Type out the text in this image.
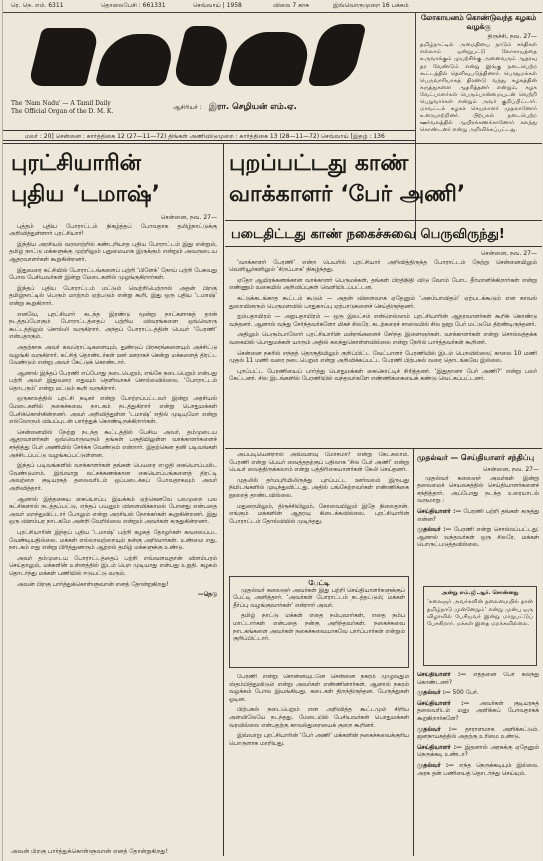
ரெ. நெ. எம். 6311	தொலைபேசி : 661331	செவ்வாய் | 1958	விலை 7 காசு	இவ்வொருமுறை 16 பக்கம்
The 'Nam Nadu' — A Tamil Daily
The Official Organ of the D. M. K.	ஆசிரியர் : இரா. செழியன் எம்.ஏ.
லோகாயனம் கொண்டுவந்த கழகம் வழக்கு
திருச்சி, நவ. 27—
தமிழ்நாட்டில் அமைதியை நாடும் சக்திகள் எல்லாம் ஒன்றுபட்டு லோகாயத்தை உருவாக்கும் முயற்சிக்கு அனைவரும் ஆதரவு தர வேண்டும் என்று இங்கு நடைபெற்ற கூட்டத்தில் தெளிவுபடுத்தினார். பொதுமக்கள் பெருவாரியாகத் திரண்டு வந்து கழகத்தின் கருத்துகளை ஆதரித்தனர் என்றும், கழக வேட்பாளர்கள் பெரும்பான்மையுடன் வெற்றி பெறுவார்கள் என்றும் அவர் குறிப்பிட்டார். மாவட்டக் கழகச் செயலாளர் முதலானோர் உரையாற்றினர். பிற்பகல் நடைபெற்ற ஊர்வலத்தில் ஆயிரக்கணக்கானோர் கலந்து கொண்டனர் என்று அறிவிக்கப்பட்டது.
மலர் : 20] சென்னை : கார்த்திகை 12 (27—11—72) திங்கள் அணிவிடுமுறை : கார்த்திகை 13 (28—11—72) செவ்வாய் [இதழ் : 136
புரட்சியாரின்
புதிய ‘டமாஷ்’
புறப்பட்டது காண்
வாக்காளர் ‘பேர் அணி’
படைதிட்டது காண் நகைச்சுவை பெருவிருந்து!
சென்னை, நவ. 27—

புத்தம் புதிய போராட்டம் நிகழ்த்தப் போவதாக தமிழ்நாட்டுக்கு அறிவித்துள்ளார் புரட்சியார்!

இந்திய அரசியல் வரலாற்றில் கண்டறியாத புதிய போராட்டம் இது என்றும், தமிழ் நாட்டு மக்களுக்கு முற்றிலும் புதுமையாக இருக்கும் என்றும் அவருடைய ஆதரவாளர்கள் கூறுகின்றனர்.

இதுவரை கட்சியில் போராட்டங்களைப் பற்றி ‘பிளேக்’ நோய் பற்றி பேசுவது போல பேசியவர்கள் இன்று மேடைகளில் முழங்குகிறார்கள்.

இந்தப் புதிய போராட்டம் மட்டும் வெற்றிபெற்றால் அதன் பிறகு தமிழ்நாட்டில் பெரும் மாற்றம் ஏற்படும் என்று கூறி, இது ஒரு புதிய ‘டமாஷ்’ என்று கூறுகிறார்.

எனவே, புரட்சியார் கடந்த இரண்டு மூன்று நாட்களாகத் தான் நடத்தப்போகும் போராட்டத்தைப் பற்றிய விவரங்களை ஒவ்வொரு கூட்டத்திலும் சொல்லி வருகிறார். அந்தப் போராட்டத்தின் பெயர் ‘பேரணி’ என்பதாகும்.

அதற்காக அவர் சுவரொட்டிகளையும், துண்டுப் பிரசுரங்களையும் அச்சிட்டு வழங்கி வருகிறார். கட்சித் தொண்டர்கள் ஊர் ஊராகச் சென்று மக்களைத் திரட்ட வேண்டும் என்று அவர் கேட்டுக் கொண்டார்.

ஆனால் இந்தப் பேரணி எப்போது நடைபெறும், எங்கே நடைபெறும் என்பது பற்றி அவர் இதுவரை எதுவும் தெளிவாகச் சொல்லவில்லை. ‘போராட்டம் தொடரும்’ என்று மட்டும் கூறி வருகிறார்.

ஒருகாலத்தில் புரட்சி நடிகர் என்று போற்றப்பட்டவர் இன்று அரசியல் மேடைகளில் நகைச்சுவை நாடகம் நடத்துகிறார் என்று பொதுமக்கள் பேசிக்கொள்கின்றனர். அவர் அறிவித்துள்ள ‘டமாஷ்’ எதில் முடியுமோ என்று எல்லோரும் வியப்புடன் பார்த்துக் கொண்டிருக்கிறார்கள்.

சென்னையில் நேற்று நடந்த கூட்டத்தில் பேசிய அவர், தம்முடைய ஆதரவாளர்கள் ஒவ்வொருவரும் தங்கள் பகுதியிலுள்ள வாக்காளர்களைச் சந்தித்து பேர் அணியில் சேர்க்க வேண்டும் என்றார். இதற்கென தனி படிவங்கள் அச்சிடப்பட்டு வழங்கப்பட்டுள்ளன.

இந்தப் படிவங்களில் வாக்காளர்கள் தங்கள் பெயரை எழுதி கையொப்பமிட வேண்டுமாம். இவ்வாறு லட்சக்கணக்கான கையொப்பங்களைத் திரட்டி அவற்றை குடியரசுத் தலைவரிடம் ஒப்படைக்கப் போவதாகவும் அவர் அறிவித்தார்.

ஆனால் இத்தகைய கையொப்ப இயக்கம் ஏற்கெனவே பலமுறை பல கட்சிகளால் நடத்தப்பட்டு, எந்தப் பயனும் விளைவிக்காமல் போனது என்பதை அவர் மறந்துவிட்டார் போலும் என்று அரசியல் நோக்கர்கள் கூறுகின்றனர். இது ஒரு விளம்பர நாடகமே அன்றி வேறில்லை என்றும் அவர்கள் கருதுகின்றனர்.

புரட்சியாரின் இந்தப் புதிய ‘டமாஷ்’ பற்றி கழகத் தோழர்கள் கவலைப்பட வேண்டியதில்லை. மக்கள் எல்லாவற்றையும் நன்கு அறிவார்கள். உண்மை எது, நாடகம் எது என்று பிரித்துணரும் ஆற்றல் தமிழ் மக்களுக்கு உண்டு.

அவர் தம்முடைய போராட்டத்தைப் பற்றி எவ்வளவுதான் விளம்பரம் செய்தாலும், மக்களின் உள்ளத்தில் இடம் பெற முடியாது என்பது உறுதி. கழகம் தொடர்ந்து மக்கள் பணியில் ஈடுபட்டு வரும்.

அவன் பிறகு பார்த்துக்கொள்ளுவான் எனத் தோன்றுகிறது!

—நெடு
சென்னை, நவ. 27—

‘வாக்காளர் பேரணி’ என்ற பெயரில் புரட்சியார் அறிவித்திருந்த போராட்டம் நேற்று சென்னையிலும் வெளியூர்களிலும் ‘சிறப்பாக’ நிகழ்ந்தது.

ஏதோ ஆயிரக்கணக்கான வாக்காளர் பெருமக்கள், தங்கள் பிரதிநிதி விடு வோம் போட தீர்மானிக்கிறார்கள் என்று எண்ணும் வகையில் அறிவிப்புகள் வெளியிடப்பட்டன.

கட்டுக்கடங்காத கூட்டம் கூடும் — அதன் விளைவாக ஏதேனும் ‘அசம்பாவிதம்’ ஏற்படக்கூடும் என காவல் துறையினரும் பெருமளவில் பாதுகாப்பு ஏற்பாடுகளைச் செய்திருந்தனர்.

ஐம்பதாயிரம் — அறுபதாயிரம் — ஒரு இலட்சம் என்றெல்லாம் புரட்சியாரின் ஆதரவாளர்கள் கூறிக் கொண்டு வந்தனர். ஆனால் வந்து சேர்ந்தவர்களோ மிகச் சிலரே. கடற்கரைச் சாலையில் சில நூறு பேர் மட்டுமே திரண்டிருந்தனர்.

அதிலும் பெரும்பாலோர் புரட்சியாரின் மன்றங்களைச் சேர்ந்த இளைஞர்கள். வாக்காளர்கள் என்று சொல்லத்தக்க வகையில் பொதுமக்கள் யாரும் அதில் கலந்துகொள்ளவில்லை என்று நேரில் பார்த்தவர்கள் கூறினர்.

சென்னை நகரில் எந்தத் தொகுதியிலும் குறிப்பிட்ட வேட்பாளர் பேரணியில் இடம் பெறவில்லை; காலை 10 மணி முதல் 11 மணி வரை நடைபெறும் என்று அறிவிக்கப்பட்ட பேரணி பிற்பகல் வரை தொடங்கவே இல்லை.

புறப்பட்ட பேரணியைப் பார்த்து பொதுமக்கள் கைகொட்டிச் சிரித்தனர். ‘இதுதானா பேர் அணி?’ என்று பலர் கேட்டனர். சில இடங்களில் பேரணியில் வந்தவர்களே எண்ணிக்கையைக் கண்டு வெட்கப்பட்டனர்.

அப்படியென்றால் அவ்வளவு மோசமா? என்று கேட்கலாம். பேரணி என்று பெயர் வைத்ததற்குப் பதிலாக ‘சில பேர் அணி’ என்று பெயர் வைத்திருக்கலாம் என்று பத்திரிகையாளர்கள் கேலி செய்தனர்.

முதலில் தர்மபுரியிலிருந்து புறப்பட்ட ஊர்வலம் இருபது நிமிடங்களில் முடிந்துவிட்டது. அதில் பங்கேற்றவர்கள் எண்ணிக்கை நூறைத் தாண்டவில்லை.

மதுரையிலும், திருச்சியிலும், கோவையிலும் இதே நிலைதான். எங்கும் மக்களின் ஆதரவு கிடைக்கவில்லை. புரட்சியாரின் போராட்டம் தோல்வியில் முடிந்தது.

பேட்டி

முதல்வர் கலைஞர் அவர்கள் இது பற்றி செய்தியாளர்களுக்குப் பேட்டி அளித்தார். ‘அவர்கள் போராட்டம் நடத்தட்டும்; மக்கள் தீர்ப்பு வழங்குவார்கள்’ என்றார் அவர்.

தமிழ் நாட்டு மக்கள் எதை நம்புவார்கள், எதை நம்ப மாட்டார்கள் என்பதை நன்கு அறிந்தவர்கள். நகைச்சுவை நாடகங்களை அவர்கள் நகைச்சுவையாகவே பார்ப்பார்கள் என்றும் குறிப்பிட்டார்.

பேரணி என்று சொன்னவுடனே சென்னை நகரம் முழுவதும் ஸ்தம்பித்துவிடும் என்று அவர்கள் எண்ணினார்கள். ஆனால் நகரம் வழக்கம் போல இயங்கியது. கடைகள் திறந்திருந்தன. பேருந்துகள் ஓடின.

பிற்பகல் நடைபெறும் என அறிவித்த கூட்டமும் சிறிய அளவிலேயே நடந்தது. மேடையில் பேசியவர்கள் பொதுமக்கள் வரவில்லை என்பதற்கு காவல்துறையைக் குறை கூறினர்.

இவ்வாறு புரட்சியாரின் ‘பேர் அணி’ மக்களின் நகைச்சுவைக்குரிய பொருளாக மாறியது.

முதல்வர் — செய்தியாளர் சந்திப்பு
சென்னை, நவ. 27—

முதல்வர் கலைஞர் அவர்கள் இன்று தலைமைச் செயலகத்தில் செய்தியாளர்களைச் சந்தித்தார். அப்போது நடந்த உரையாடல் வருமாறு :

செய்தியாளர் :— பேரணி பற்றி தங்கள் கருத்து என்ன?
முதல்வர் :— பேரணி என்று சொல்லப்பட்டது; ஆனால் வந்தவர்கள் ஒரு சிலரே. மக்கள் பொருட்படுத்தவில்லை.
அன்று எம்.ஜி.ஆர். சொன்னது
‘கலைஞர் அவர்களின் தலைமையில் தான் தமிழ்நாடு முன்னேறும்’ என்று முன்பு ஒரு விழாவில் பேசியவர் இன்று மாறுபட்டுப் பேசுகிறார். மக்கள் இதை மறக்கவில்லை.
செய்தியாளர் :— எத்தனை பேர் கலந்து கொண்டனர்?
முதல்வர் :— 500 பேர்.
செய்தியாளர் :— அவர்கள் குடியரசுத் தலைவரிடம் மனு அளிக்கப் போவதாகக் கூறுகிறார்களே?
முதல்வர் :— தாராளமாக அளிக்கட்டும். ஜனநாயகத்தில் அதற்கு உரிமை உண்டு.
செய்தியாளர் :— இதனால் அரசுக்கு ஏதேனும் நெருக்கடி உண்டா?
முதல்வர் :— எந்த நெருக்கடியும் இல்லை. அரசு தன் பணியைத் தொடர்ந்து செய்யும்.
அவன் பிறகு பார்த்துக்கொள்ளுவான் எனத் தோன்றுகிறது!
